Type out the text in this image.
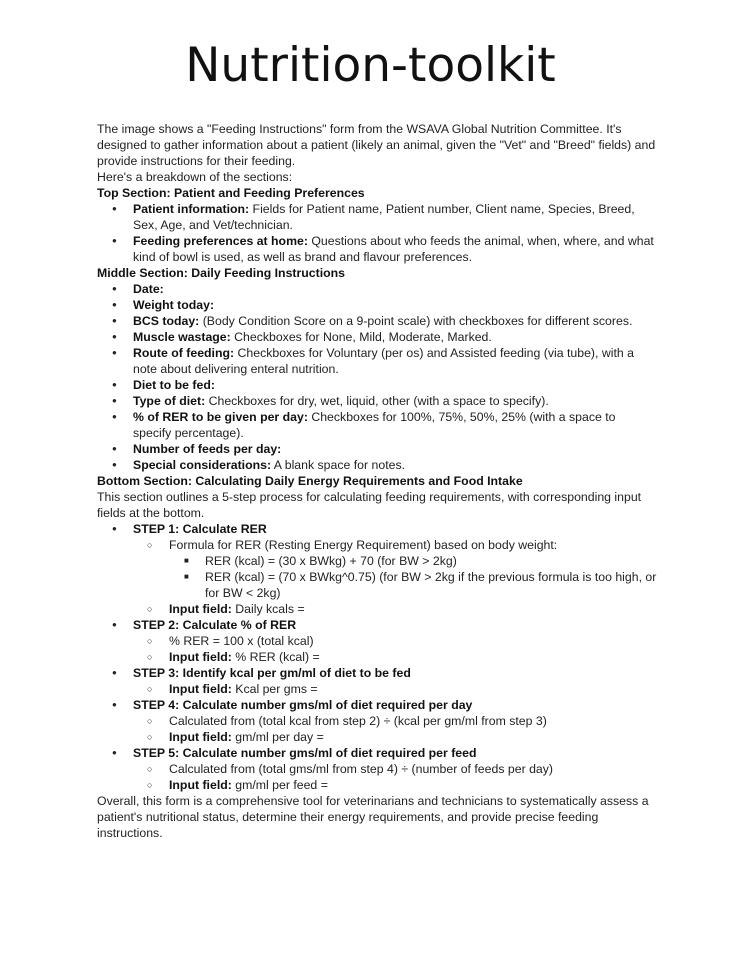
Nutrition-toolkit

The image shows a "Feeding Instructions" form from the WSAVA Global Nutrition Committee. It's designed to gather information about a patient (likely an animal, given the "Vet" and "Breed" fields) and provide instructions for their feeding.

Here's a breakdown of the sections:

Top Section: Patient and Feeding Preferences

● Patient information: Fields for Patient name, Patient number, Client name, Species, Breed, Sex, Age, and Vet/technician.
● Feeding preferences at home: Questions about who feeds the animal, when, where, and what kind of bowl is used, as well as brand and flavour preferences.

Middle Section: Daily Feeding Instructions

● Date:
● Weight today:
● BCS today: (Body Condition Score on a 9-point scale) with checkboxes for different scores.
● Muscle wastage: Checkboxes for None, Mild, Moderate, Marked.
● Route of feeding: Checkboxes for Voluntary (per os) and Assisted feeding (via tube), with a note about delivering enteral nutrition.
● Diet to be fed:
● Type of diet: Checkboxes for dry, wet, liquid, other (with a space to specify).
● % of RER to be given per day: Checkboxes for 100%, 75%, 50%, 25% (with a space to specify percentage).
● Number of feeds per day:
● Special considerations: A blank space for notes.

Bottom Section: Calculating Daily Energy Requirements and Food Intake

This section outlines a 5-step process for calculating feeding requirements, with corresponding input fields at the bottom.

● STEP 1: Calculate RER
○ Formula for RER (Resting Energy Requirement) based on body weight:
■ RER (kcal) = (30 x BWkg) + 70 (for BW > 2kg)
■ RER (kcal) = (70 x BWkg^0.75) (for BW > 2kg if the previous formula is too high, or for BW < 2kg)
○ Input field: Daily kcals =
● STEP 2: Calculate % of RER
○ % RER = 100 x (total kcal)
○ Input field: % RER (kcal) =
● STEP 3: Identify kcal per gm/ml of diet to be fed
○ Input field: Kcal per gms =
● STEP 4: Calculate number gms/ml of diet required per day
○ Calculated from (total kcal from step 2) ÷ (kcal per gm/ml from step 3)
○ Input field: gm/ml per day =
● STEP 5: Calculate number gms/ml of diet required per feed
○ Calculated from (total gms/ml from step 4) ÷ (number of feeds per day)
○ Input field: gm/ml per feed =

Overall, this form is a comprehensive tool for veterinarians and technicians to systematically assess a patient's nutritional status, determine their energy requirements, and provide precise feeding instructions.
